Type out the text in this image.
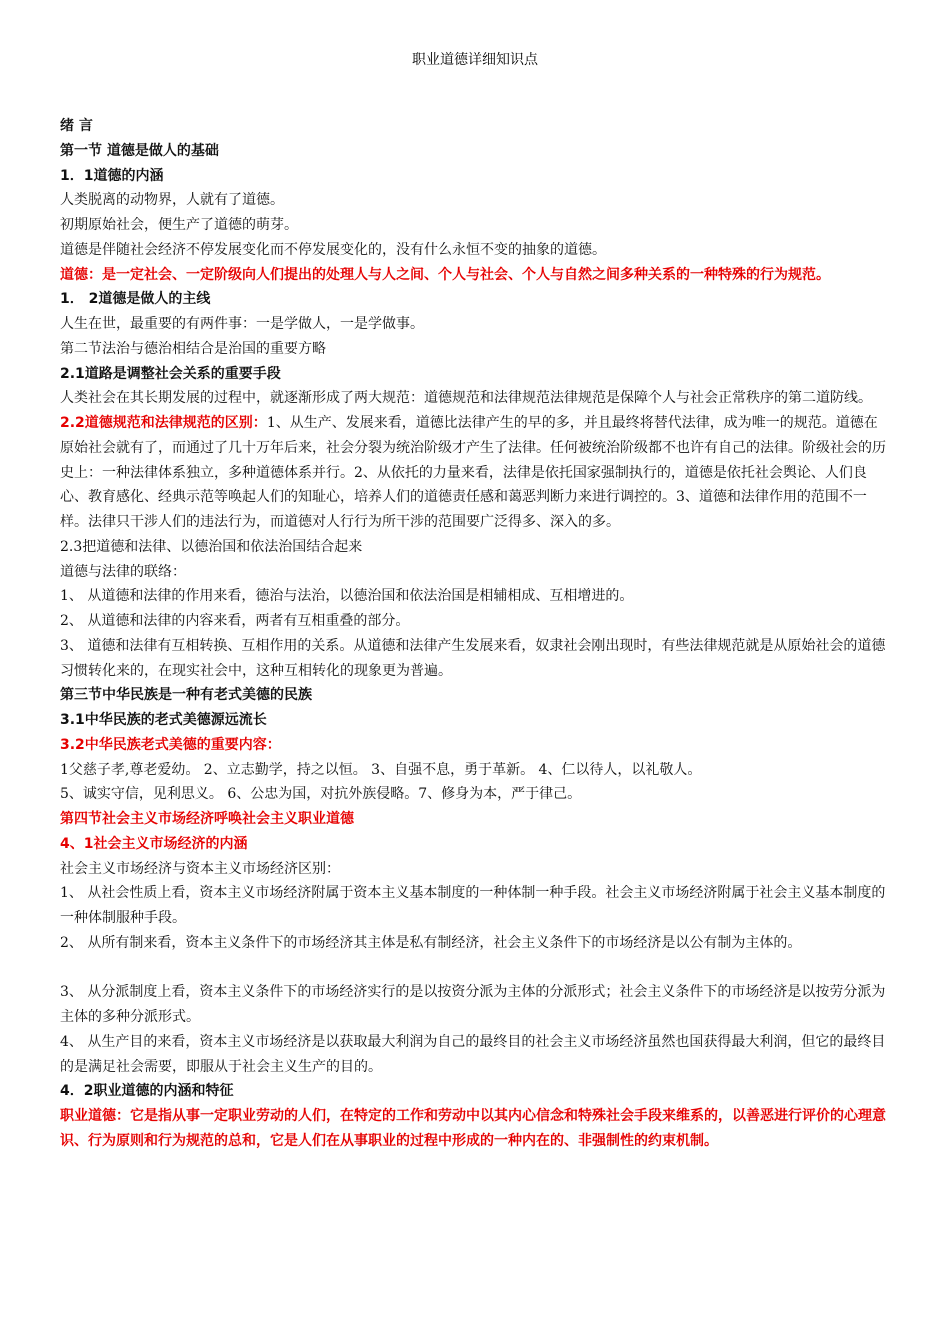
职业道德详细知识点

绪 言

第一节 道德是做人的基础

1．1道德的内涵

人类脱离的动物界，人就有了道德。

初期原始社会，便生产了道德的萌芽。

道德是伴随社会经济不停发展变化而不停发展变化的，没有什么永恒不变的抽象的道德。

道德：是一定社会、一定阶级向人们提出的处理人与人之间、个人与社会、个人与自然之间多种关系的一种特殊的行为规范。

1． 2道德是做人的主线

人生在世，最重要的有两件事：一是学做人，一是学做事。

第二节法治与德治相结合是治国的重要方略

2.1道路是调整社会关系的重要手段

人类社会在其长期发展的过程中，就逐渐形成了两大规范：道德规范和法律规范法律规范是保障个人与社会正常秩序的第二道防线。

2.2道德规范和法律规范的区别：1、从生产、发展来看，道德比法律产生的早的多，并且最终将替代法律，成为唯一的规范。道德在原始社会就有了，而通过了几十万年后来，社会分裂为统治阶级才产生了法律。任何被统治阶级都不也许有自己的法律。阶级社会的历史上：一种法律体系独立，多种道德体系并行。2、从依托的力量来看，法律是依托国家强制执行的，道德是依托社会舆论、人们良心、教育感化、经典示范等唤起人们的知耻心，培养人们的道德责任感和蔼恶判断力来进行调控的。3、道德和法律作用的范围不一样。法律只干涉人们的违法行为，而道德对人行行为所干涉的范围要广泛得多、深入的多。

2.3把道德和法律、以德治国和依法治国结合起来

道德与法律的联络：

1、 从道德和法律的作用来看，德治与法治，以德治国和依法治国是相辅相成、互相增进的。

2、 从道德和法律的内容来看，两者有互相重叠的部分。

3、 道德和法律有互相转换、互相作用的关系。从道德和法律产生发展来看，奴隶社会刚出现时，有些法律规范就是从原始社会的道德习惯转化来的，在现实社会中，这种互相转化的现象更为普遍。

第三节中华民族是一种有老式美德的民族

3.1中华民族的老式美德源远流长

3.2中华民族老式美德的重要内容：

1父慈子孝,尊老爱幼。 2、立志勤学，持之以恒。 3、自强不息，勇于革新。 4、仁以待人，以礼敬人。

5、诚实守信，见利思义。 6、公忠为国，对抗外族侵略。7、修身为本，严于律己。

第四节社会主义市场经济呼唤社会主义职业道德

4、1社会主义市场经济的内涵

社会主义市场经济与资本主义市场经济区别：

1、 从社会性质上看，资本主义市场经济附属于资本主义基本制度的一种体制一种手段。社会主义市场经济附属于社会主义基本制度的一种体制服种手段。

2、 从所有制来看，资本主义条件下的市场经济其主体是私有制经济，社会主义条件下的市场经济是以公有制为主体的。

3、 从分派制度上看，资本主义条件下的市场经济实行的是以按资分派为主体的分派形式；社会主义条件下的市场经济是以按劳分派为主体的多种分派形式。

4、 从生产目的来看，资本主义市场经济是以获取最大利润为自己的最终目的社会主义市场经济虽然也国获得最大利润，但它的最终目的是满足社会需要，即服从于社会主义生产的目的。

4．2职业道德的内涵和特征

职业道德：它是指从事一定职业劳动的人们，在特定的工作和劳动中以其内心信念和特殊社会手段来维系的，以善恶进行评价的心理意识、行为原则和行为规范的总和，它是人们在从事职业的过程中形成的一种内在的、非强制性的约束机制。
